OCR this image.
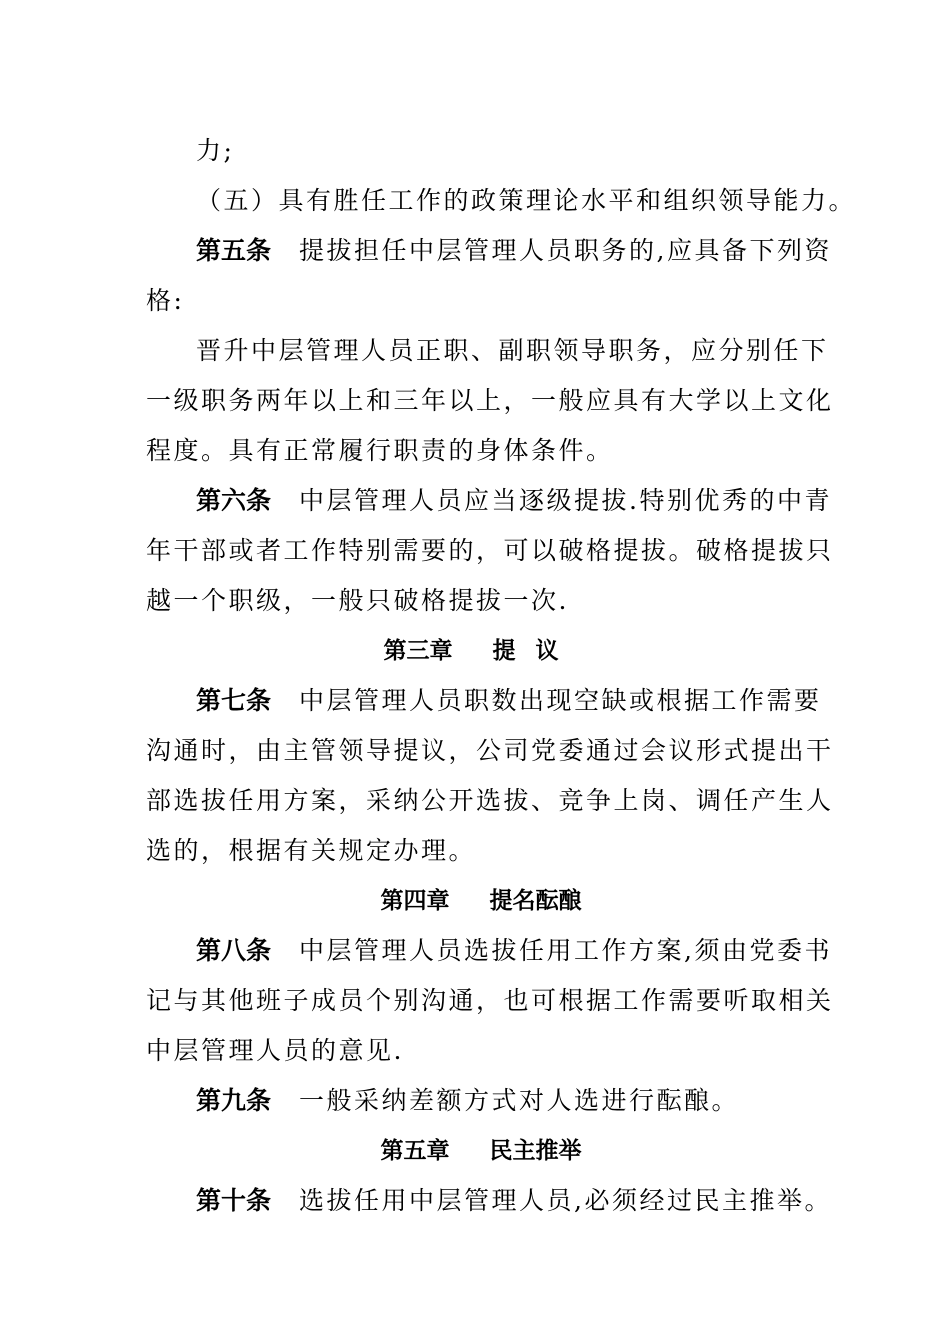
力;
（五）具有胜任工作的政策理论水平和组织领导能力。
第五条 提拔担任中层管理人员职务的,应具备下列资
格:
晋升中层管理人员正职、副职领导职务，应分别任下
一级职务两年以上和三年以上，一般应具有大学以上文化
程度。具有正常履行职责的身体条件。
第六条 中层管理人员应当逐级提拔.特别优秀的中青
年干部或者工作特别需要的，可以破格提拔。破格提拔只
越一个职级，一般只破格提拔一次.
第三章 提议
第七条 中层管理人员职数出现空缺或根据工作需要
沟通时，由主管领导提议，公司党委通过会议形式提出干
部选拔任用方案，采纳公开选拔、竞争上岗、调任产生人
选的，根据有关规定办理。
第四章 提名酝酿
第八条 中层管理人员选拔任用工作方案,须由党委书
记与其他班子成员个别沟通，也可根据工作需要听取相关
中层管理人员的意见.
第九条 一般采纳差额方式对人选进行酝酿。
第五章 民主推举
第十条 选拔任用中层管理人员,必须经过民主推举。
